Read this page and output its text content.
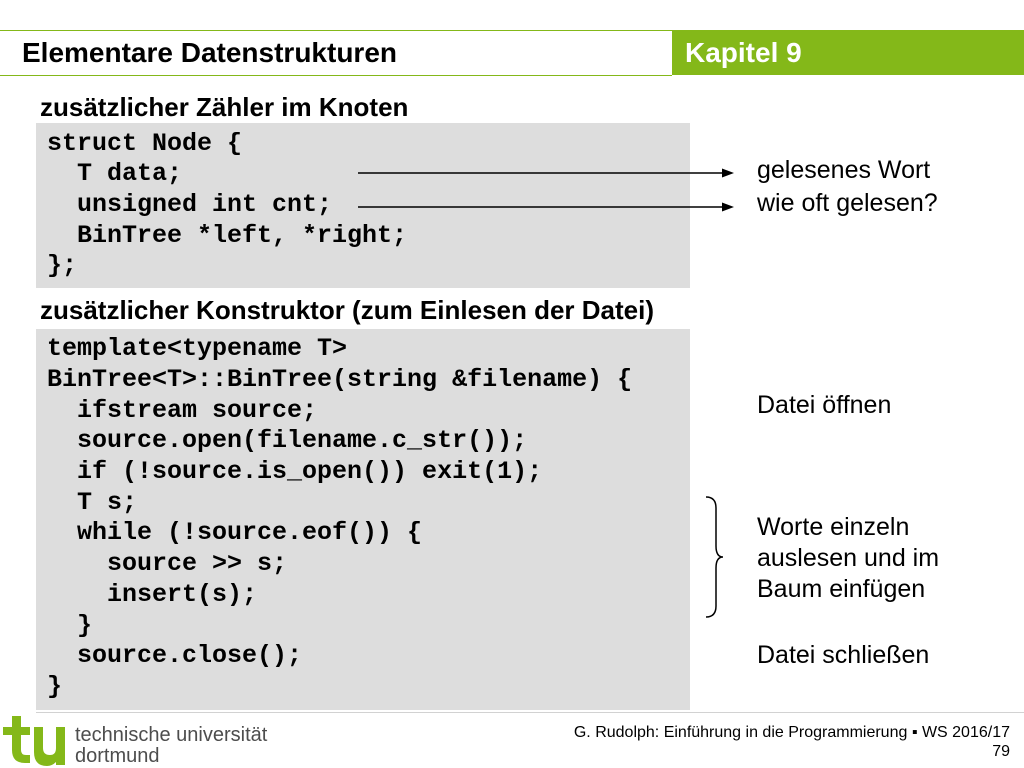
Elementare Datenstrukturen	Kapitel 9
zusätzlicher Zähler im Knoten
struct Node {
T data;
unsigned int cnt;
BinTree *left, *right;
};
gelesenes Wort
wie oft gelesen?
zusätzlicher Konstruktor (zum Einlesen der Datei)
template<typename T>
BinTree<T>::BinTree(string &filename) {
ifstream source;
source.open(filename.c_str());
if (!source.is_open()) exit(1);
T s;
while (!source.eof()) {
source >> s;
insert(s);
}
source.close();
}
Datei öffnen
Worte einzeln
auslesen und im
Baum einfügen
Datei schließen
technische universität
dortmund
G. Rudolph: Einführung in die Programmierung ▪ WS 2016/17
79
